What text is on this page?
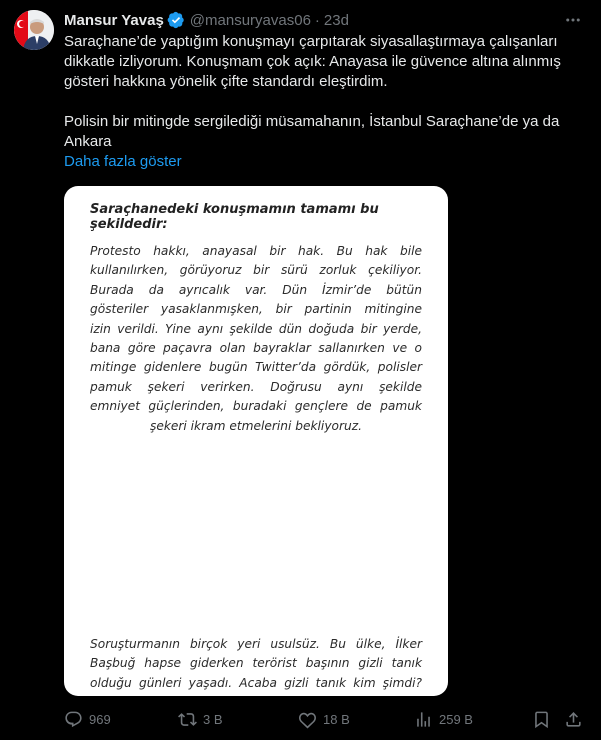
Mansur Yavaş @mansuryavas06 · 23d

Saraçhane’de yaptığım konuşmayı çarpıtarak siyasallaştırmaya çalışanları dikkatle izliyorum. Konuşmam çok açık: Anayasa ile güvence altına alınmış gösteri hakkına yönelik çifte standardı eleştirdim.

Polisin bir mitingde sergilediği müsamahanın, İstanbul Saraçhane’de ya da Ankara

Daha fazla göster
Saraçhanedeki konuşmamın tamamı bu şekildedir:
Protesto hakkı, anayasal bir hak. Bu hak bile
kullanılırken, görüyoruz bir sürü zorluk çekiliyor.
Burada da ayrıcalık var. Dün İzmir’de bütün
gösteriler yasaklanmışken, bir partinin mitingine
izin verildi. Yine aynı şekilde dün doğuda bir yerde,
bana göre paçavra olan bayraklar sallanırken ve o
mitinge gidenlere bugün Twitter’da gördük, polisler
pamuk şekeri verirken. Doğrusu aynı şekilde
emniyet güçlerinden, buradaki gençlere de pamuk
şekeri ikram etmelerini bekliyoruz.
Soruşturmanın birçok yeri usulsüz. Bu ülke, İlker
Başbuğ hapse giderken terörist başının gizli tanık
olduğu günleri yaşadı. Acaba gizli tanık kim şimdi?
969	3 B	18 B	259 B
